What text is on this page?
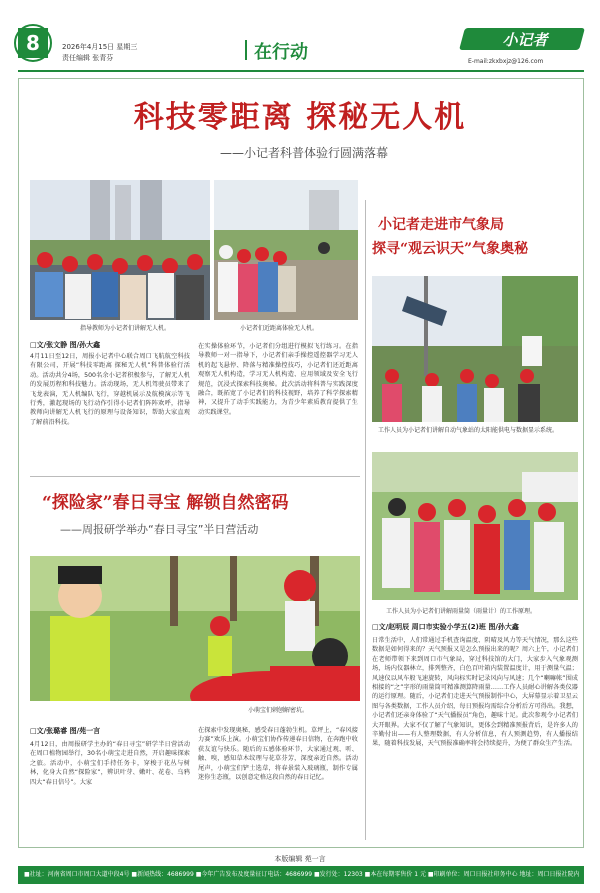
8	2026年4月15日 星期三
责任编辑 张青芬	在行动
小记者
E-mail:zkxbxjz@126.com
科技零距离 探秘无人机
——小记者科普体验行圆满落幕
指导教师为小记者们讲解无人机。	小记者们近距离体验无人机。
□文/张文静 图/孙大鑫
4月11日至12日，周报小记者中心联合周口飞航航空科技有限公司，开展“科技零距离 探秘无人机”科普体验行活动。活动共分4场，500名余小记者积极参与，了解无人机的发展历程和科技魅力。活动现场，无人机驾驶员带来了飞龙表演，无人机编队飞行，穿越机展示及航模演示等飞行秀，激起现场的飞行动作引得小记者们阵阵欢呼，指导教师向讲解无人机飞行的原理与设备知识，帮助大家直观了解前沿科技。
在实操体验环节，小记者们分组进行模拟飞行练习。在指导教师一对一指导下，小记者们亲手操控遥控器学习无人机的起飞悬停、降落与精准操控技巧，小记者们还近距离观察无人机构造，学习无人机构造、应用领域及安全飞行规范，沉浸式探索科技奥秘。此次活动将科普与实践深度融合，既拓宽了小记者们的科技视野，培养了科学探索精神，又提升了动手实践能力，为青少年素质教育提供了生动实践课堂。
“探险家”春日寻宝 解锁自然密码
——周报研学举办“春日寻宝”半日营活动
小萌宝们刺刨解密坑。
□文/张璐睿 图/苑一言
4月12日，由周报研学主办的“春日寻宝”研学半日营活动在周口植物园举行，30名小萌宝走进自然，开启趣味探索之旅。活动中，小萌宝们手持任务卡，穿梭于花丛与树林，化身大自然“探险家”，辨识叶芽、嫩叶、花卷、乌鸦四大“春日信号”。大家
在探索中发现奥秘，感受春日蓬勃生机。草坪上，“春风接力赛”欢乐上演。小萌宝们协作传递春日信物，在奔跑中收获友谊与快乐。随后的五感体验环节，大家通过观、听、触、嗅，感知草木纹理与花草芬芳，深度亲近自然。活动尾声，小萌宝们铲土选草，将春景装入玻璃瓶，制作专属迷你生态瓶，以创意定格这段自然的春日记忆。
小记者走进市气象局
探寻“观云识天”气象奥秘
工作人员为小记者们讲解自动气象站的太阳能供电与数据显示系统。
工作人员为小记者们讲解雨量筒（雨量计）的工作原理。
□文/赵明辰 周口市实验小学五(2)班 图/孙大鑫
日常生活中，人们常通过手机查询温度、阴晴及风力等天气情况，那么这些数据是如何得来的？天气预报又是怎么预报出来的呢？周六上午，小记者们在老师带领下来到周口市气象局，穿过科技馆的大门，大家步入气象观测场，场内仪器林立，排列整齐，白色百叶箱内装置温度计，用于测量气温；风速仪以风车般飞速旋转，风向标实时记录风向与风速；几个“喇嘛帐”围成相接的“之”字形的雨量筒可精准测算降雨量……工作人员耐心讲解各类仪器的运行原理。随后，小记者们走进天气预报制作中心，大屏幕显示着卫星云图与各类数据，工作人员介绍，每日预报均需综合分析后方可得出。我想，小记者们还亲身体验了“天气播报员”角色，趣味十足。此次参观令小记者们大开眼界。大家不仅了解了气象知识，更体会到精准预报背后，是许多人的辛勤付出——有人整理数据，有人分析信息，有人预测趋势，有人播报结果，随着科技发展，天气预报准确率将会持续提升，为便了群众生产生活。
本版编辑 苑一言
■社址：河南省周口市周口大道中段4号 ■新闻热线：4686999 ■今年广告发布及度量征订电话：4686999 ■发行处：12303 ■本在每期零售价 1 元 ■印刷单位：周口日报社印务中心 地址：周口日报社院内
